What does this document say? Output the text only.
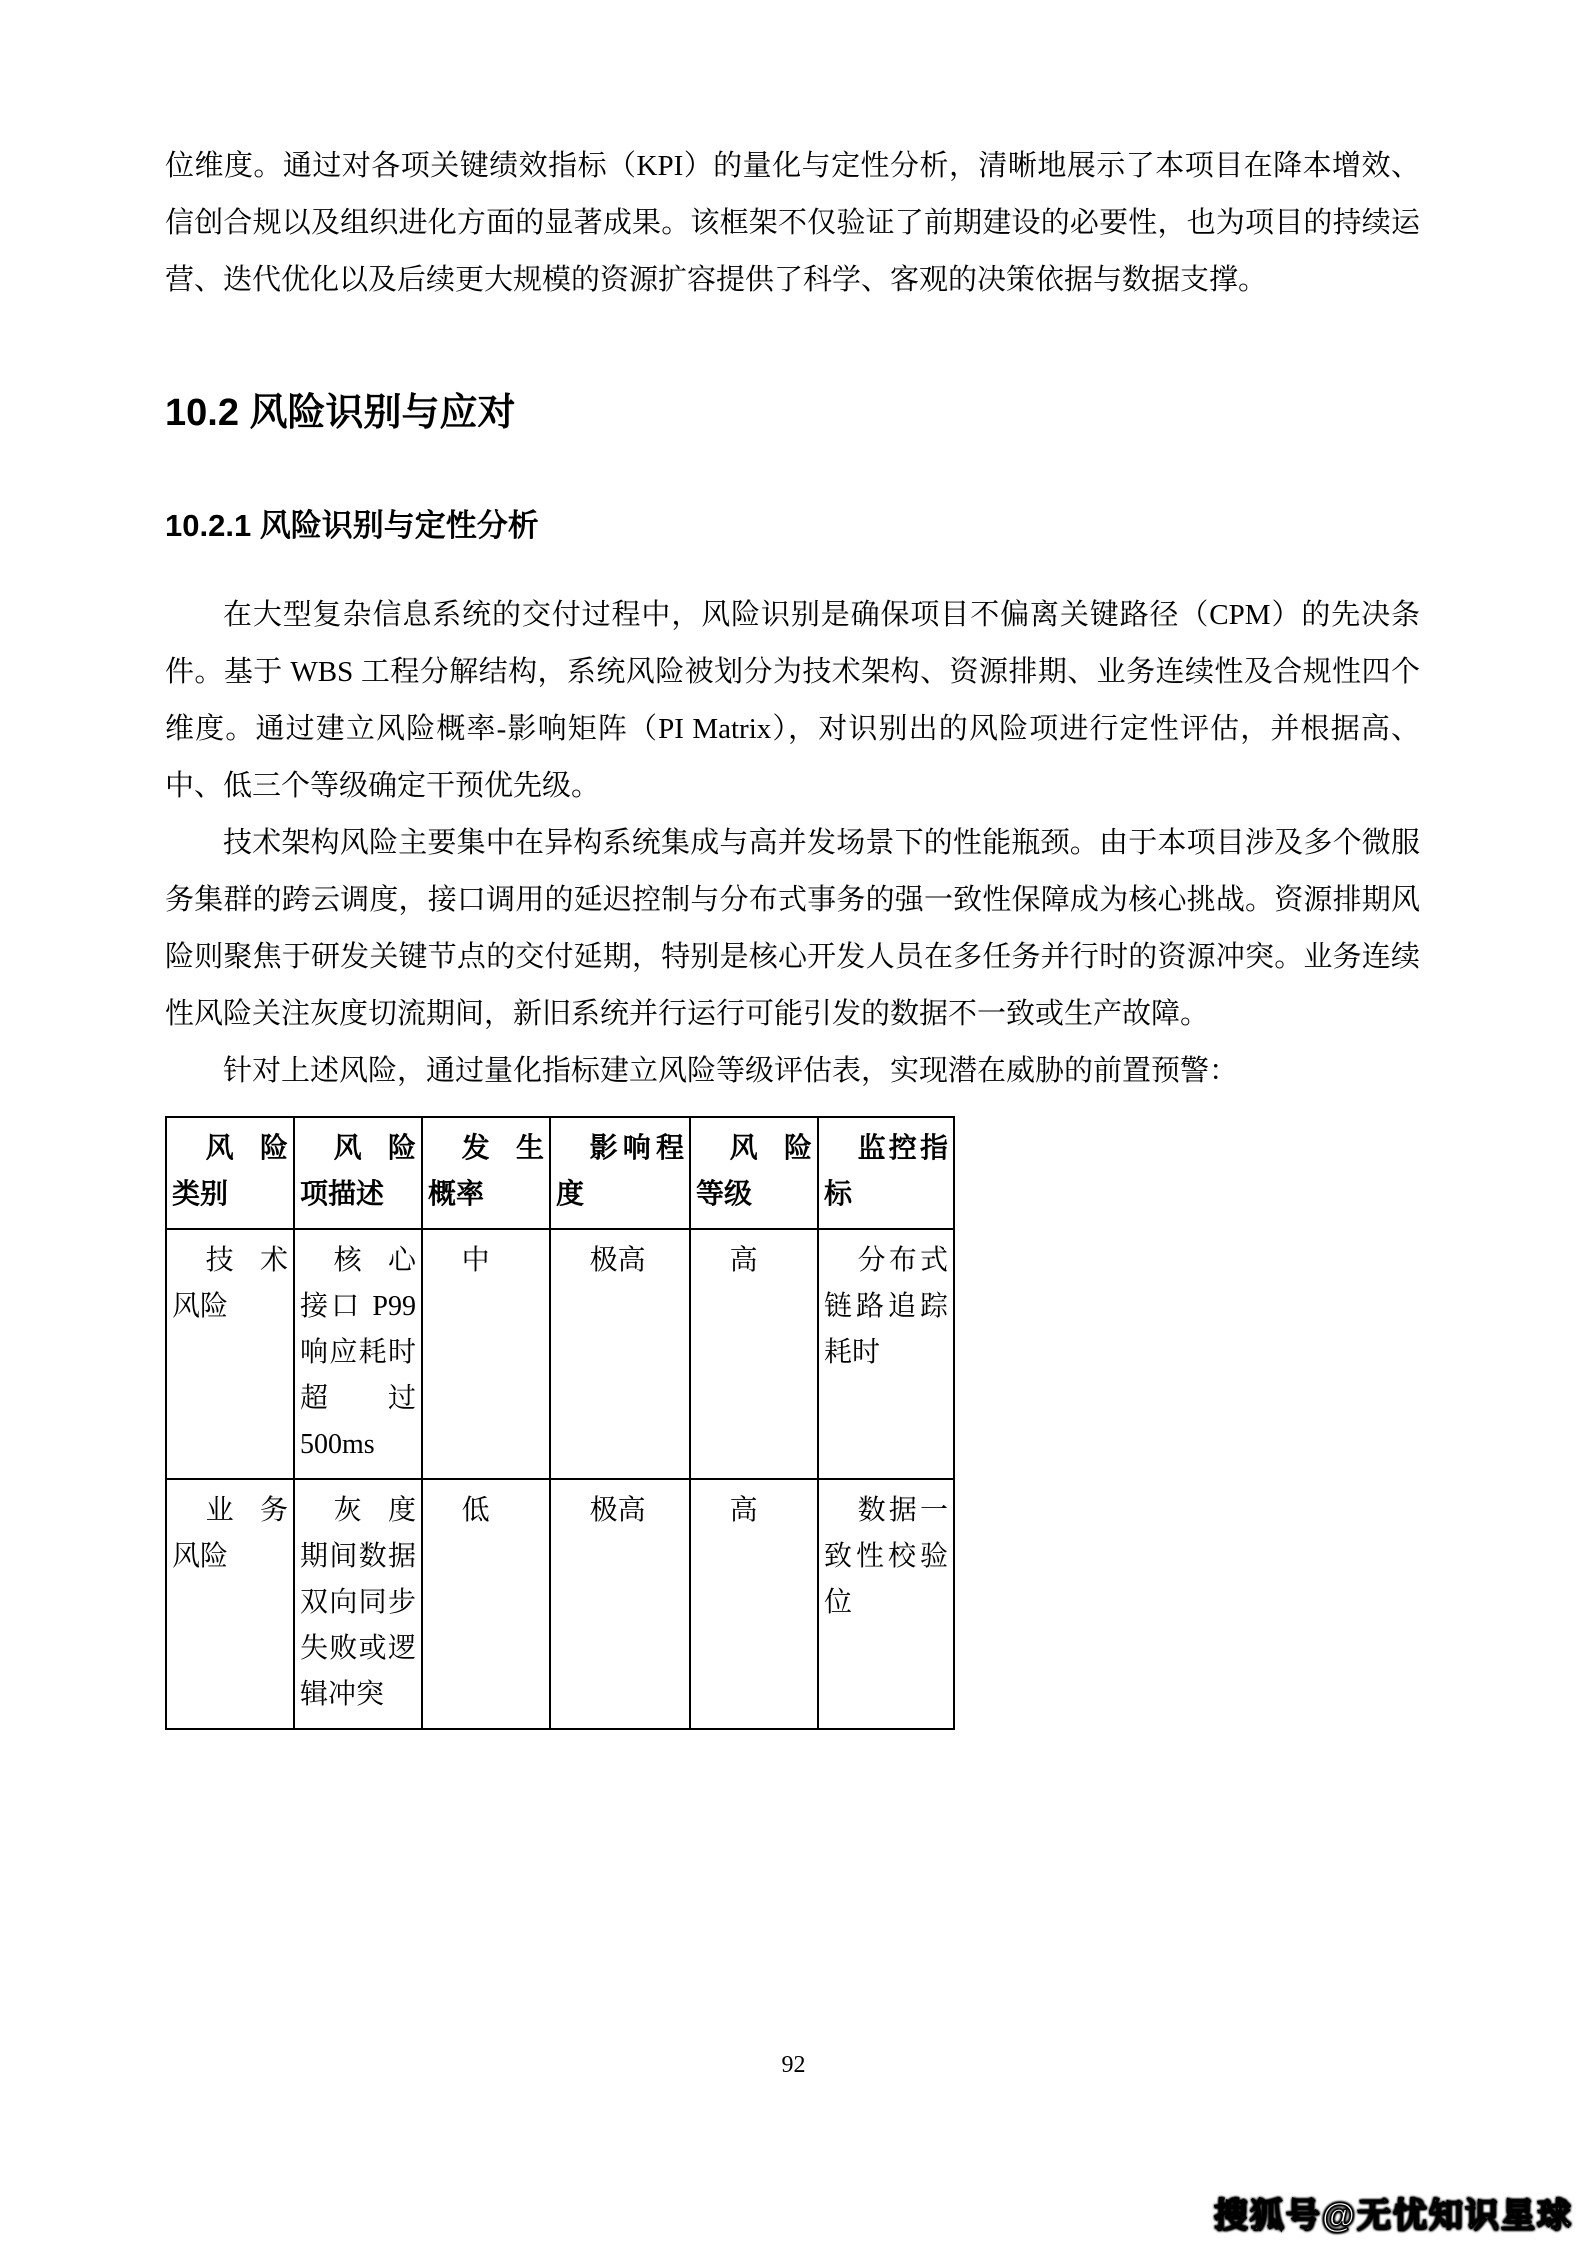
位维度。通过对各项关键绩效指标（KPI）的量化与定性分析，清晰地展示了本项目在降本增效、信创合规以及组织进化方面的显著成果。该框架不仅验证了前期建设的必要性，也为项目的持续运营、迭代优化以及后续更大规模的资源扩容提供了科学、客观的决策依据与数据支撑。

10.2 风险识别与应对
10.2.1 风险识别与定性分析

在大型复杂信息系统的交付过程中，风险识别是确保项目不偏离关键路径（CPM）的先决条件。基于 WBS 工程分解结构，系统风险被划分为技术架构、资源排期、业务连续性及合规性四个维度。通过建立风险概率-影响矩阵（PI Matrix），对识别出的风险项进行定性评估，并根据高、中、低三个等级确定干预优先级。

技术架构风险主要集中在异构系统集成与高并发场景下的性能瓶颈。由于本项目涉及多个微服务集群的跨云调度，接口调用的延迟控制与分布式事务的强一致性保障成为核心挑战。资源排期风险则聚焦于研发关键节点的交付延期，特别是核心开发人员在多任务并行时的资源冲突。业务连续性风险关注灰度切流期间，新旧系统并行运行可能引发的数据不一致或生产故障。

针对上述风险，通过量化指标建立风险等级评估表，实现潜在威胁的前置预警：

风险类别	风险项描述	发生概率	影响程度	风险等级	监控指标
技术风险	核心接口 P99 响应耗时超过 500ms	中	极高	高	分布式链路追踪耗时
业务风险	灰度期间数据双向同步失败或逻辑冲突	低	极高	高	数据一致性校验位
92
搜狐号@无忧知识星球
